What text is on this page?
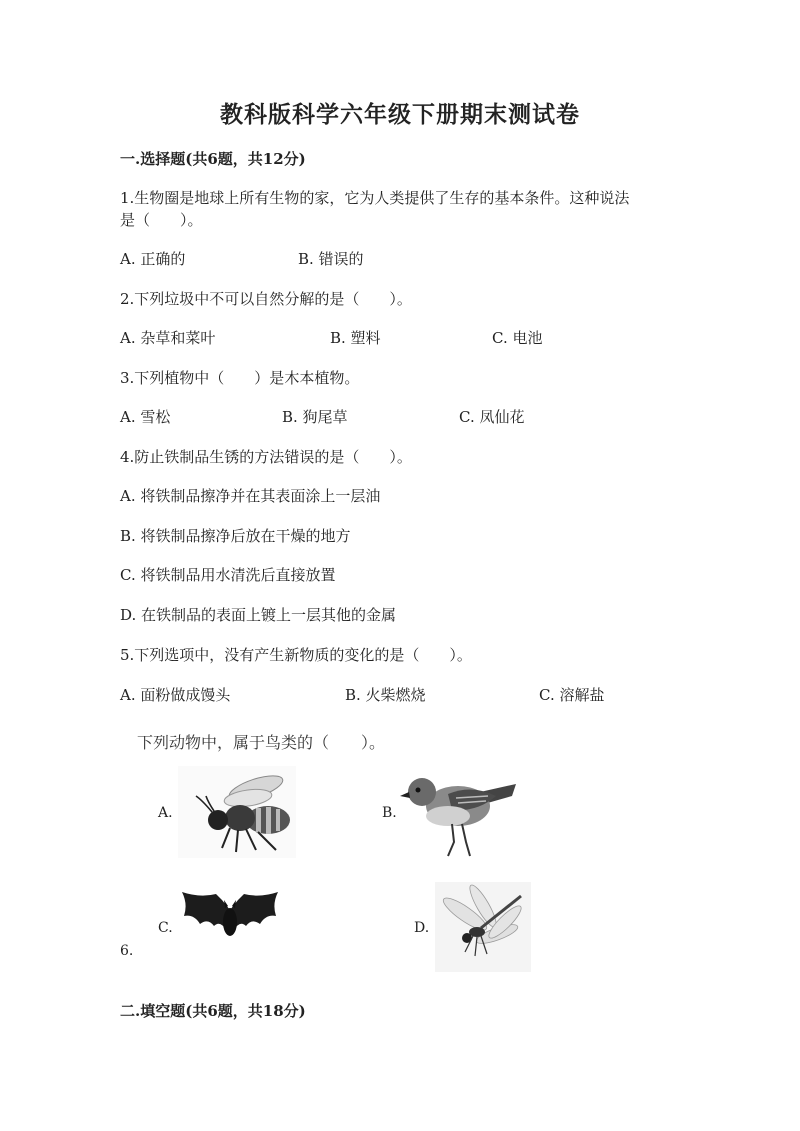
教科版科学六年级下册期末测试卷
一.选择题(共6题，共12分)
1.生物圈是地球上所有生物的家，它为人类提供了生存的基本条件。这种说法
是（　　）。
A. 正确的	B. 错误的
2.下列垃圾中不可以自然分解的是（　　）。
A. 杂草和菜叶	B. 塑料	C. 电池
3.下列植物中（　　）是木本植物。
A. 雪松	B. 狗尾草	C. 凤仙花
4.防止铁制品生锈的方法错误的是（　　）。
A. 将铁制品擦净并在其表面涂上一层油
B. 将铁制品擦净后放在干燥的地方
C. 将铁制品用水清洗后直接放置
D. 在铁制品的表面上镀上一层其他的金属
5.下列选项中，没有产生新物质的变化的是（　　）。
A. 面粉做成馒头	B. 火柴燃烧	C. 溶解盐
下列动物中，属于鸟类的（　　）。
A.	B.
C.	D.
6.
二.填空题(共6题，共18分)
